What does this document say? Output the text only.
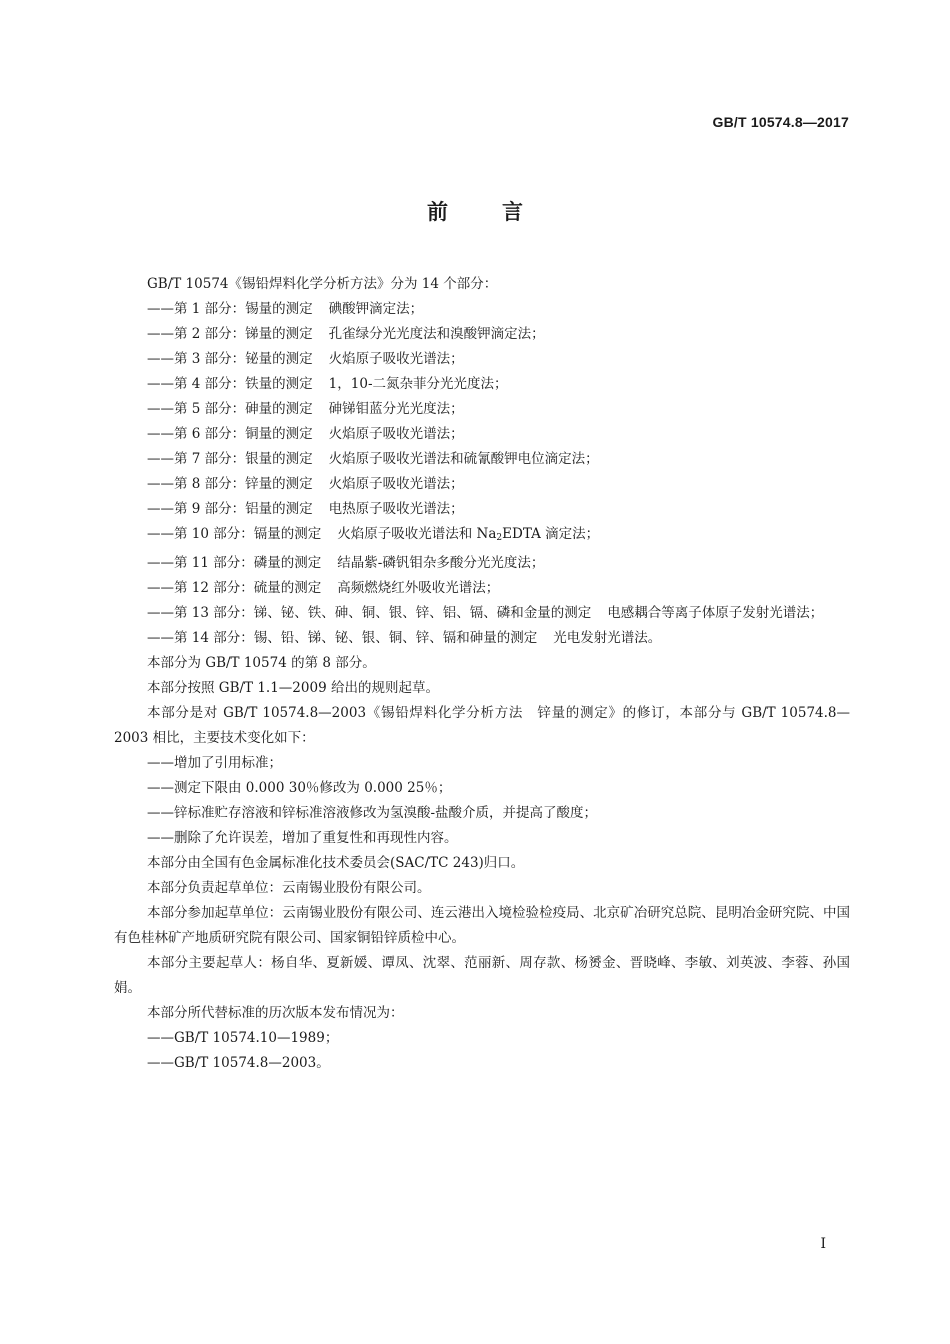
GB/T 10574.8—2017
前言

GB/T 10574《锡铅焊料化学分析方法》分为 14 个部分：

——第 1 部分：锡量的测定 碘酸钾滴定法；
——第 2 部分：锑量的测定 孔雀绿分光光度法和溴酸钾滴定法；
——第 3 部分：铋量的测定 火焰原子吸收光谱法；
——第 4 部分：铁量的测定 1，10-二氮杂菲分光光度法；
——第 5 部分：砷量的测定 砷锑钼蓝分光光度法；
——第 6 部分：铜量的测定 火焰原子吸收光谱法；
——第 7 部分：银量的测定 火焰原子吸收光谱法和硫氰酸钾电位滴定法；
——第 8 部分：锌量的测定 火焰原子吸收光谱法；
——第 9 部分：铝量的测定 电热原子吸收光谱法；
——第 10 部分：镉量的测定 火焰原子吸收光谱法和 $Na_2EDTA$ 滴定法；
——第 11 部分：磷量的测定 结晶紫-磷钒钼杂多酸分光光度法；
——第 12 部分：硫量的测定 高频燃烧红外吸收光谱法；
——第 13 部分：锑、铋、铁、砷、铜、银、锌、铝、镉、磷和金量的测定 电感耦合等离子体原子发射光谱法；
——第 14 部分：锡、铅、锑、铋、银、铜、锌、镉和砷量的测定 光电发射光谱法。

本部分为 GB/T 10574 的第 8 部分。

本部分按照 GB/T 1.1—2009 给出的规则起草。

本部分是对 GB/T 10574.8—2003《锡铅焊料化学分析方法　锌量的测定》的修订，本部分与 GB/T 10574.8—2003 相比，主要技术变化如下：

——增加了引用标准；
——测定下限由 0.000 30％修改为 0.000 25％；
——锌标准贮存溶液和锌标准溶液修改为氢溴酸-盐酸介质，并提高了酸度；
——删除了允许误差，增加了重复性和再现性内容。

本部分由全国有色金属标准化技术委员会(SAC/TC 243)归口。

本部分负责起草单位：云南锡业股份有限公司。

本部分参加起草单位：云南锡业股份有限公司、连云港出入境检验检疫局、北京矿冶研究总院、昆明冶金研究院、中国有色桂林矿产地质研究院有限公司、国家铜铅锌质检中心。

本部分主要起草人：杨自华、夏新媛、谭凤、沈翠、范丽新、周存款、杨赟金、晋晓峰、李敏、刘英波、李蓉、孙国娟。

本部分所代替标准的历次版本发布情况为：

——GB/T 10574.10—1989；
——GB/T 10574.8—2003。
I
